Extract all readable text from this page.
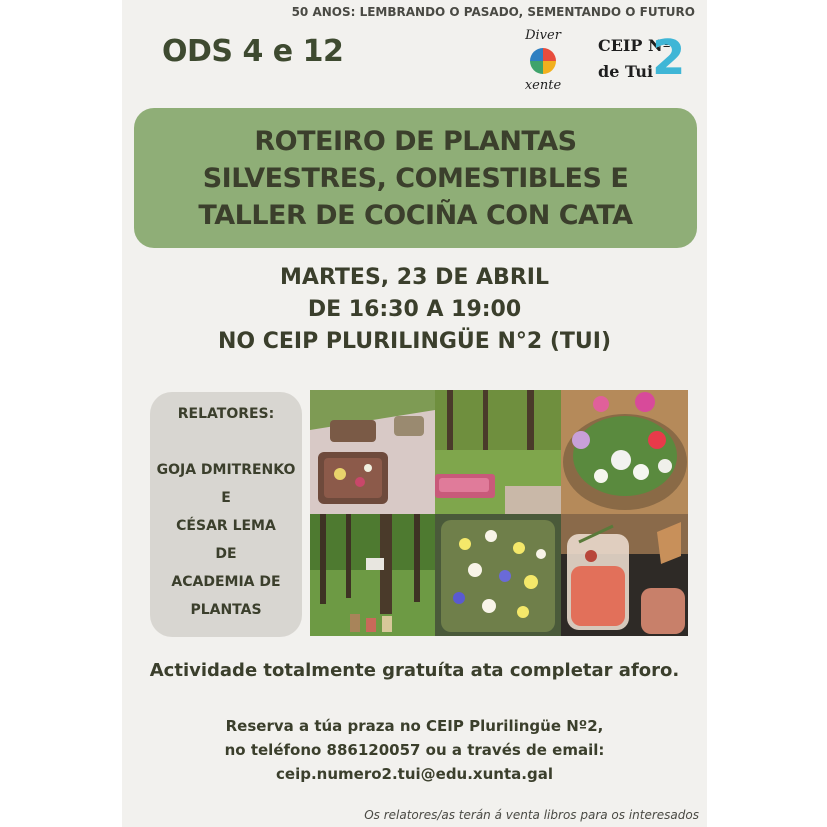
50 ANOS: LEMBRANDO O PASADO, SEMENTANDO O FUTURO
ODS 4 e 12	Diver
xente
CEIP Nº
de Tui
2
ROTEIRO DE PLANTAS
SILVESTRES, COMESTIBLES E
TALLER DE COCIÑA CON CATA
MARTES, 23 DE ABRIL
DE 16:30 A 19:00
NO CEIP PLURILINGÜE N°2 (TUI)
RELATORES:
GOJA DMITRENKO
E
CÉSAR LEMA
DE
ACADEMIA DE
PLANTAS
Actividade totalmente gratuíta ata completar aforo.
Reserva a túa praza no CEIP Plurilingüe Nº2,
no teléfono 886120057 ou a través de email:
ceip.numero2.tui@edu.xunta.gal
Os relatores/as terán á venta libros para os interesados
